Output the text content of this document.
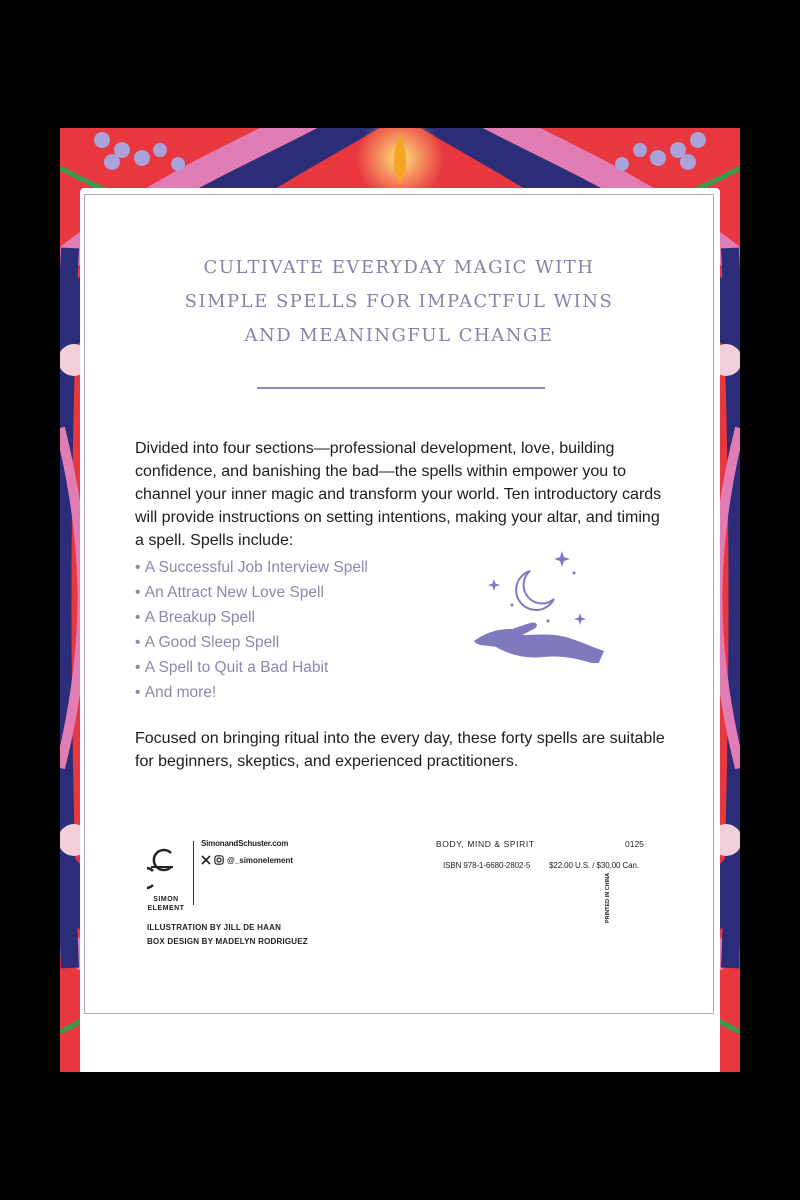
CULTIVATE EVERYDAY MAGIC WITH
SIMPLE SPELLS FOR IMPACTFUL WINS
AND MEANINGFUL CHANGE

Divided into four sections—professional development, love, building confidence, and banishing the bad—the spells within empower you to channel your inner magic and transform your world. Ten introductory cards will provide instructions on setting intentions, making your altar, and timing a spell. Spells include:

• A Successful Job Interview Spell
• An Attract New Love Spell
• A Breakup Spell
• A Good Sleep Spell
• A Spell to Quit a Bad Habit
• And more!

Focused on bringing ritual into the every day, these forty spells are suitable for beginners, skeptics, and experienced practitioners.

SIMON
ELEMENT
SimonandSchuster.com
@_simonelement
ILLUSTRATION BY JILL DE HAAN
BOX DESIGN BY MADELYN RODRIGUEZ
BODY, MIND & SPIRIT	0125
ISBN 978-1-6680-2802-5 $22.00 U.S. / $30.00 Can.
PRINTED IN CHINA
